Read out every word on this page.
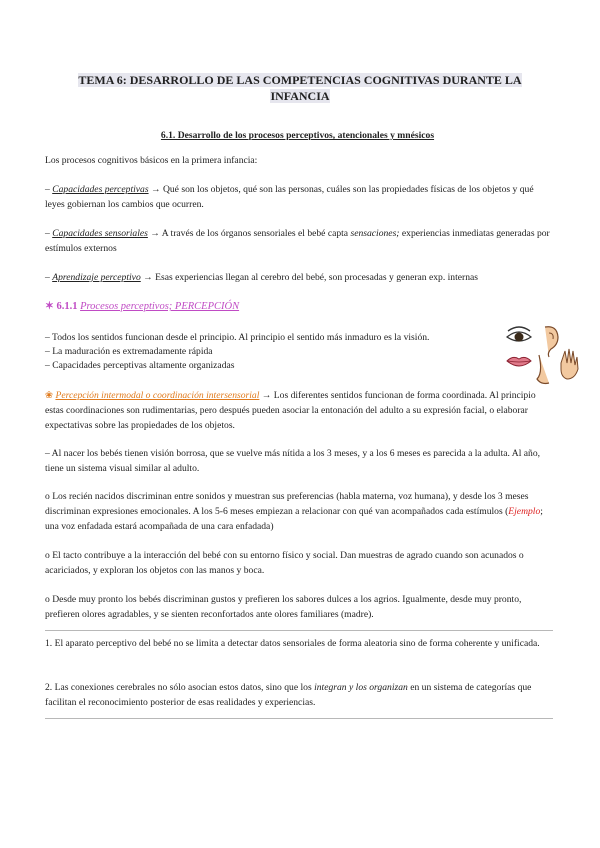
TEMA 6: DESARROLLO DE LAS COMPETENCIAS COGNITIVAS DURANTE LA INFANCIA
6.1. Desarrollo de los procesos perceptivos, atencionales y mnésicos

Los procesos cognitivos básicos en la primera infancia:

– Capacidades perceptivas → Qué son los objetos, qué son las personas, cuáles son las propiedades físicas de los objetos y qué leyes gobiernan los cambios que ocurren.

– Capacidades sensoriales → A través de los órganos sensoriales el bebé capta sensaciones; experiencias inmediatas generadas por estímulos externos

– Aprendizaje perceptivo → Esas experiencias llegan al cerebro del bebé, son procesadas y generan exp. internas

✶ 6.1.1 Procesos perceptivos; PERCEPCIÓN

– Todos los sentidos funcionan desde el principio. Al principio el sentido más inmaduro es la visión.

– La maduración es extremadamente rápida

– Capacidades perceptivas altamente organizadas

❀ Percepción intermodal o coordinación intersensorial → Los diferentes sentidos funcionan de forma coordinada. Al principio estas coordinaciones son rudimentarias, pero después pueden asociar la entonación del adulto a su expresión facial, o elaborar expectativas sobre las propiedades de los objetos.

– Al nacer los bebés tienen visión borrosa, que se vuelve más nítida a los 3 meses, y a los 6 meses es parecida a la adulta. Al año, tiene un sistema visual similar al adulto.

o Los recién nacidos discriminan entre sonidos y muestran sus preferencias (habla materna, voz humana), y desde los 3 meses discriminan expresiones emocionales. A los 5-6 meses empiezan a relacionar con qué van acompañados cada estímulos (Ejemplo; una voz enfadada estará acompañada de una cara enfadada)

o El tacto contribuye a la interacción del bebé con su entorno físico y social. Dan muestras de agrado cuando son acunados o acariciados, y exploran los objetos con las manos y boca.

o Desde muy pronto los bebés discriminan gustos y prefieren los sabores dulces a los agrios. Igualmente, desde muy pronto, prefieren olores agradables, y se sienten reconfortados ante olores familiares (madre).

1. El aparato perceptivo del bebé no se limita a detectar datos sensoriales de forma aleatoria sino de forma coherente y unificada.

2. Las conexiones cerebrales no sólo asocian estos datos, sino que los integran y los organizan en un sistema de categorías que facilitan el reconocimiento posterior de esas realidades y experiencias.
